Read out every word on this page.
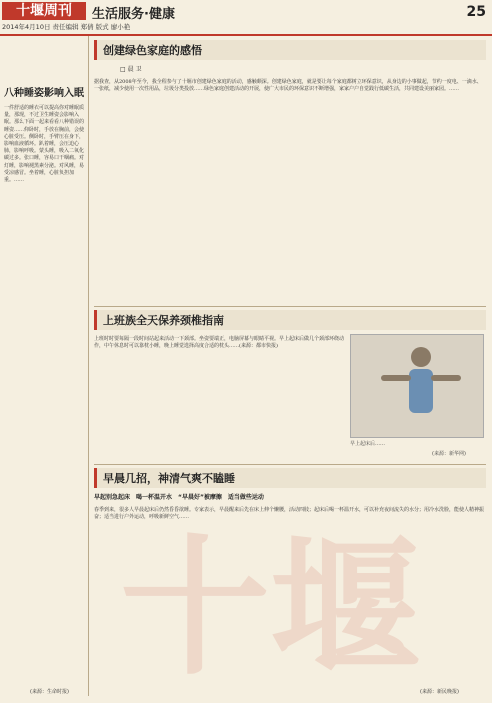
十堰周刊	生活服务·健康
2014年4月10日 责任编辑 郑倩 版式 廖小艳
25
八种睡姿影响入眠
一件舒适的睡衣可以提高你对睡眠质量，那现，不过卫生睡姿会影响入眠。那么下面一起来看看八种错误的睡姿……仰卧时，手放在胸前，会使心脏受压。侧卧时，手臂压在身下，影响血液循环。趴着睡，会压迫心肺，影响呼吸。蒙头睡，吸入二氧化碳过多。张口睡，容易口干咽痛。对灯睡，影响褪黑素分泌。对风睡，易受凉感冒。坐着睡，心脏负担加重。……
(来源：生命时报)
创建绿色家庭的感悟
□ 晨 卫
据我查，从2008年至今，我全程参与了十堰市创建绿色家庭的活动，感触颇深。创建绿色家庭，就是要让每个家庭都树立环保意识，从身边的小事做起，节约一度电、一滴水、一张纸，减少使用一次性用品，垃圾分类投放……绿色家庭创建活动的开展，使广大市民的环保意识不断增强，家家户户自觉践行低碳生活，共同建设美丽家园。……
上班族全天保养颈椎指南
上班时时要每隔一段时间站起来活动一下颈部。坐姿要端正，电脑屏幕与眼睛平视。早上起床后做几个颈部环绕动作，中午休息时可以靠枕小睡，晚上睡觉选择高度合适的枕头……(来源：都市快报)
早上起床后……
(来源：新华网)
早晨几招，神清气爽不瞌睡
早起别急起床 喝一杯温开水 “早晨好”被摩擦 适当做些运动
春季到来，很多人早晨起床后仍然昏昏欲睡。专家表示，早晨醒来后先在床上伸个懒腰，活动四肢；起床后喝一杯温开水，可以补充夜间流失的水分；用冷水洗脸，能使人精神振奋；适当进行户外运动，呼吸新鲜空气……
(来源：新民晚报)
十堰
